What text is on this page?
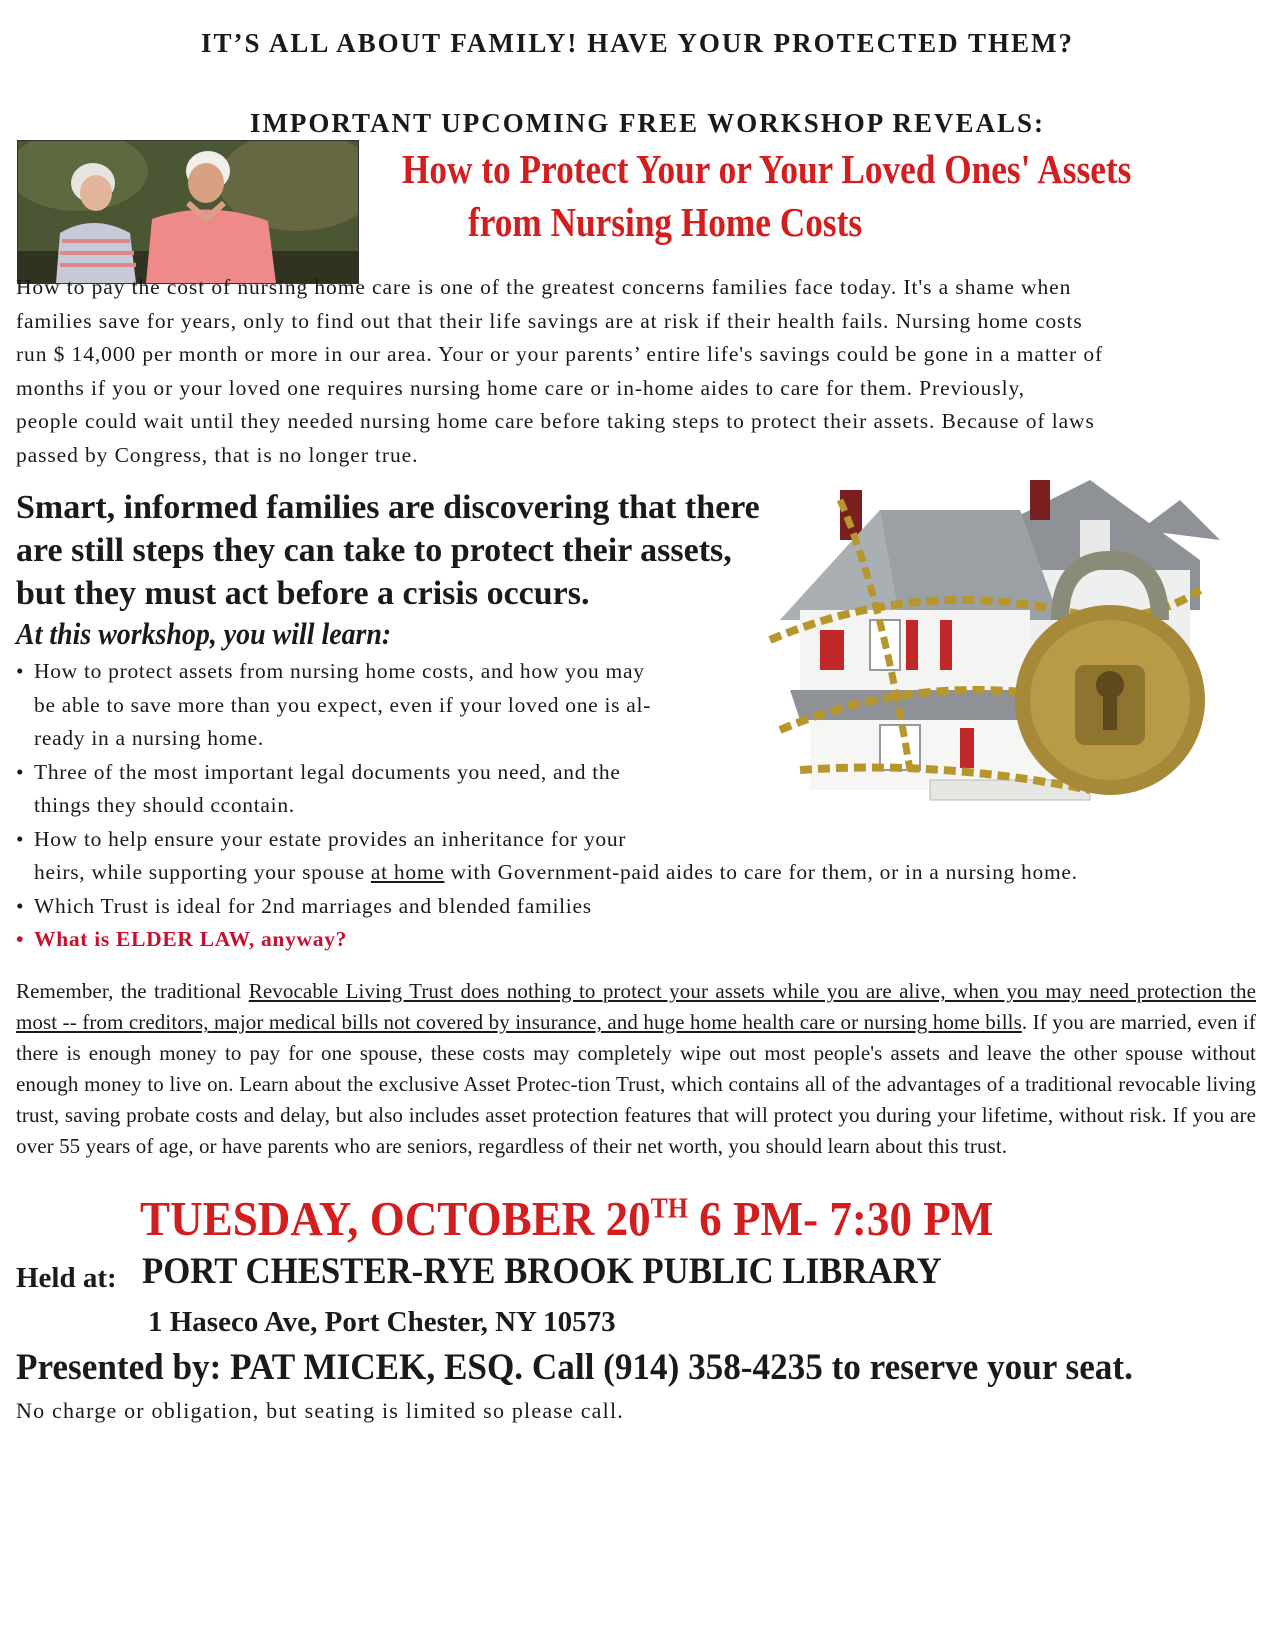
IT’S ALL ABOUT FAMILY! HAVE YOUR PROTECTED THEM?
IMPORTANT UPCOMING FREE WORKSHOP REVEALS:
How to Protect Your or Your Loved Ones' Assets
from Nursing Home Costs
How to pay the cost of nursing home care is one of the greatest concerns families face today. It's a shame when
families save for years, only to find out that their life savings are at risk if their health fails. Nursing home costs
run $ 14,000 per month or more in our area. Your or your parents’ entire life's savings could be gone in a matter of
months if you or your loved one requires nursing home care or in-home aides to care for them. Previously,
people could wait until they needed nursing home care before taking steps to protect their assets. Because of laws
passed by Congress, that is no longer true.
Smart, informed families are discovering that there
are still steps they can take to protect their assets,
but they must act before a crisis occurs.
At this workshop, you will learn:
• How to protect assets from nursing home costs, and how you may
be able to save more than you expect, even if your loved one is al-
ready in a nursing home.
• Three of the most important legal documents you need, and the
things they should ccontain.
• How to help ensure your estate provides an inheritance for your
heirs, while supporting your spouse at home with Government-paid aides to care for them, or in a nursing home.
• Which Trust is ideal for 2nd marriages and blended families
• What is ELDER LAW, anyway?
Remember, the traditional Revocable Living Trust does nothing to protect your assets while you are alive, when you may need protection the most -- from creditors, major medical bills not covered by insurance, and huge home health care or nursing home bills. If you are married, even if there is enough money to pay for one spouse, these costs may completely wipe out most people's assets and leave the other spouse without enough money to live on. Learn about the exclusive Asset Protec-tion Trust, which contains all of the advantages of a traditional revocable living trust, saving probate costs and delay, but also includes asset protection features that will protect you during your lifetime, without risk. If you are over 55 years of age, or have parents who are seniors, regardless of their net worth, you should learn about this trust.
TUESDAY, OCTOBER 20TH 6 PM- 7:30 PM
Held at: PORT CHESTER-RYE BROOK PUBLIC LIBRARY
1 Haseco Ave, Port Chester, NY 10573
Presented by: PAT MICEK, ESQ. Call (914) 358-4235 to reserve your seat.
No charge or obligation, but seating is limited so please call.
